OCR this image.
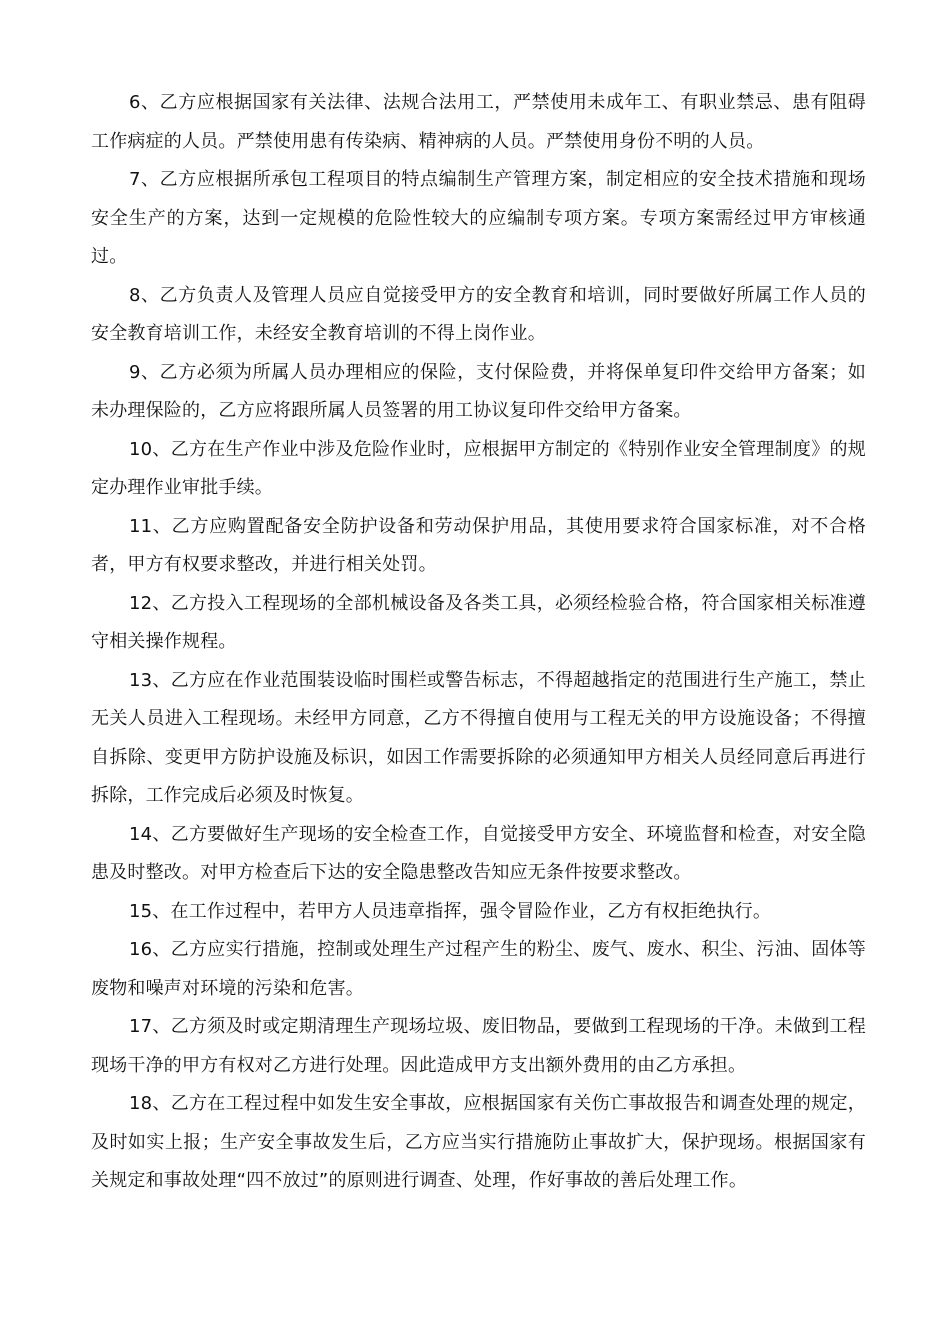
6、乙方应根据国家有关法律、法规合法用工，严禁使用未成年工、有职业禁忌、患有阻碍工作病症的人员。严禁使用患有传染病、精神病的人员。严禁使用身份不明的人员。

7、乙方应根据所承包工程项目的特点编制生产管理方案，制定相应的安全技术措施和现场安全生产的方案，达到一定规模的危险性较大的应编制专项方案。专项方案需经过甲方审核通过。

8、乙方负责人及管理人员应自觉接受甲方的安全教育和培训，同时要做好所属工作人员的安全教育培训工作，未经安全教育培训的不得上岗作业。

9、乙方必须为所属人员办理相应的保险，支付保险费，并将保单复印件交给甲方备案；如未办理保险的，乙方应将跟所属人员签署的用工协议复印件交给甲方备案。

10、乙方在生产作业中涉及危险作业时，应根据甲方制定的《特别作业安全管理制度》的规定办理作业审批手续。

11、乙方应购置配备安全防护设备和劳动保护用品，其使用要求符合国家标准，对不合格者，甲方有权要求整改，并进行相关处罚。

12、乙方投入工程现场的全部机械设备及各类工具，必须经检验合格，符合国家相关标准遵守相关操作规程。

13、乙方应在作业范围装设临时围栏或警告标志，不得超越指定的范围进行生产施工，禁止无关人员进入工程现场。未经甲方同意，乙方不得擅自使用与工程无关的甲方设施设备；不得擅自拆除、变更甲方防护设施及标识，如因工作需要拆除的必须通知甲方相关人员经同意后再进行拆除，工作完成后必须及时恢复。

14、乙方要做好生产现场的安全检查工作，自觉接受甲方安全、环境监督和检查，对安全隐患及时整改。对甲方检查后下达的安全隐患整改告知应无条件按要求整改。

15、在工作过程中，若甲方人员违章指挥，强令冒险作业，乙方有权拒绝执行。

16、乙方应实行措施，控制或处理生产过程产生的粉尘、废气、废水、积尘、污油、固体等废物和噪声对环境的污染和危害。

17、乙方须及时或定期清理生产现场垃圾、废旧物品，要做到工程现场的干净。未做到工程现场干净的甲方有权对乙方进行处理。因此造成甲方支出额外费用的由乙方承担。

18、乙方在工程过程中如发生安全事故，应根据国家有关伤亡事故报告和调查处理的规定，及时如实上报；生产安全事故发生后，乙方应当实行措施防止事故扩大，保护现场。根据国家有关规定和事故处理“四不放过”的原则进行调查、处理，作好事故的善后处理工作。
